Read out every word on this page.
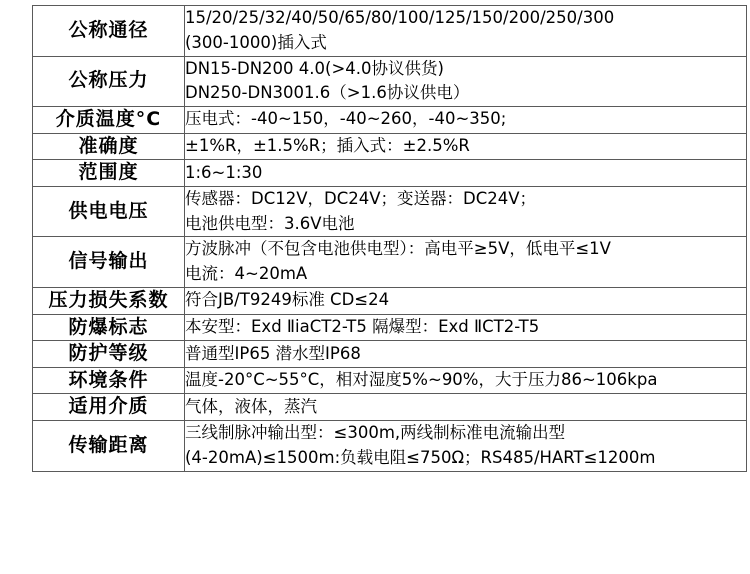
公称通径	15/20/25/32/40/50/65/80/100/125/150/200/250/300
(300-1000)插入式
公称压力	DN15-DN200 4.0(>4.0协议供货)
DN250-DN3001.6（>1.6协议供电）
介质温度°C	压电式：-40~150，-40~260，-40~350;
准确度	±1%R，±1.5%R；插入式：±2.5%R
范围度	1:6~1:30
供电电压	传感器：DC12V，DC24V；变送器：DC24V；
电池供电型：3.6V电池
信号输出	方波脉冲（不包含电池供电型）：高电平≥5V，低电平≤1V
电流：4~20mA
压力损失系数	符合JB/T9249标准 CD≤24
防爆标志	本安型：Exd ⅡiaCT2-T5 隔爆型：Exd ⅡCT2-T5
防护等级	普通型IP65 潜水型IP68
环境条件	温度-20°C~55°C，相对湿度5%~90%，大于压力86~106kpa
适用介质	气体，液体，蒸汽
传输距离	三线制脉冲输出型：≤300m,两线制标准电流输出型
(4-20mA)≤1500m:负载电阻≤750Ω；RS485/HART≤1200m
